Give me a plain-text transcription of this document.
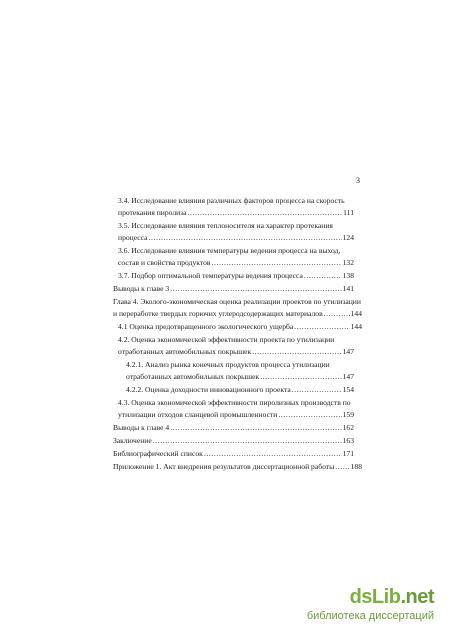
3
3.4. Исследование влияния различных факторов процесса на скорость
протекания пиролиза .....	111
3.5. Исследование влияния теплоносителя на характер протекания
процесса .....	124
3.6. Исследование влияния температуры ведения процесса на выход,
состав и свойства продуктов .....	132
3.7. Подбор оптимальной температуры ведения процесса .....	138
Выводы к главе 3 .....	141
Глава 4. Эколого-экономическая оценка реализации проектов по утилизации
и переработке твердых горючих углеродсодержащих материалов .....	144
4.1 Оценка предотвращенного экологического ущерба .....	144
4.2. Оценка экономической эффективности проекта по утилизации
отработанных автомобильных покрышек .....	147
4.2.1. Анализ рынка конечных продуктов процесса утилизации
отработанных автомобильных покрышек .....	147
4.2.2. Оценка доходности инновационного проекта .....	154
4.3. Оценка экономической эффективности пиролизных производств по
утилизации отходов сланцевой промышленности .....	159
Выводы к главе 4 .....	162
Заключение .....	163
Библиографический список .....	171
Приложение 1. Акт внедрения результатов диссертационной работы ..... 188
dsLib.net
библиотека диссертаций
